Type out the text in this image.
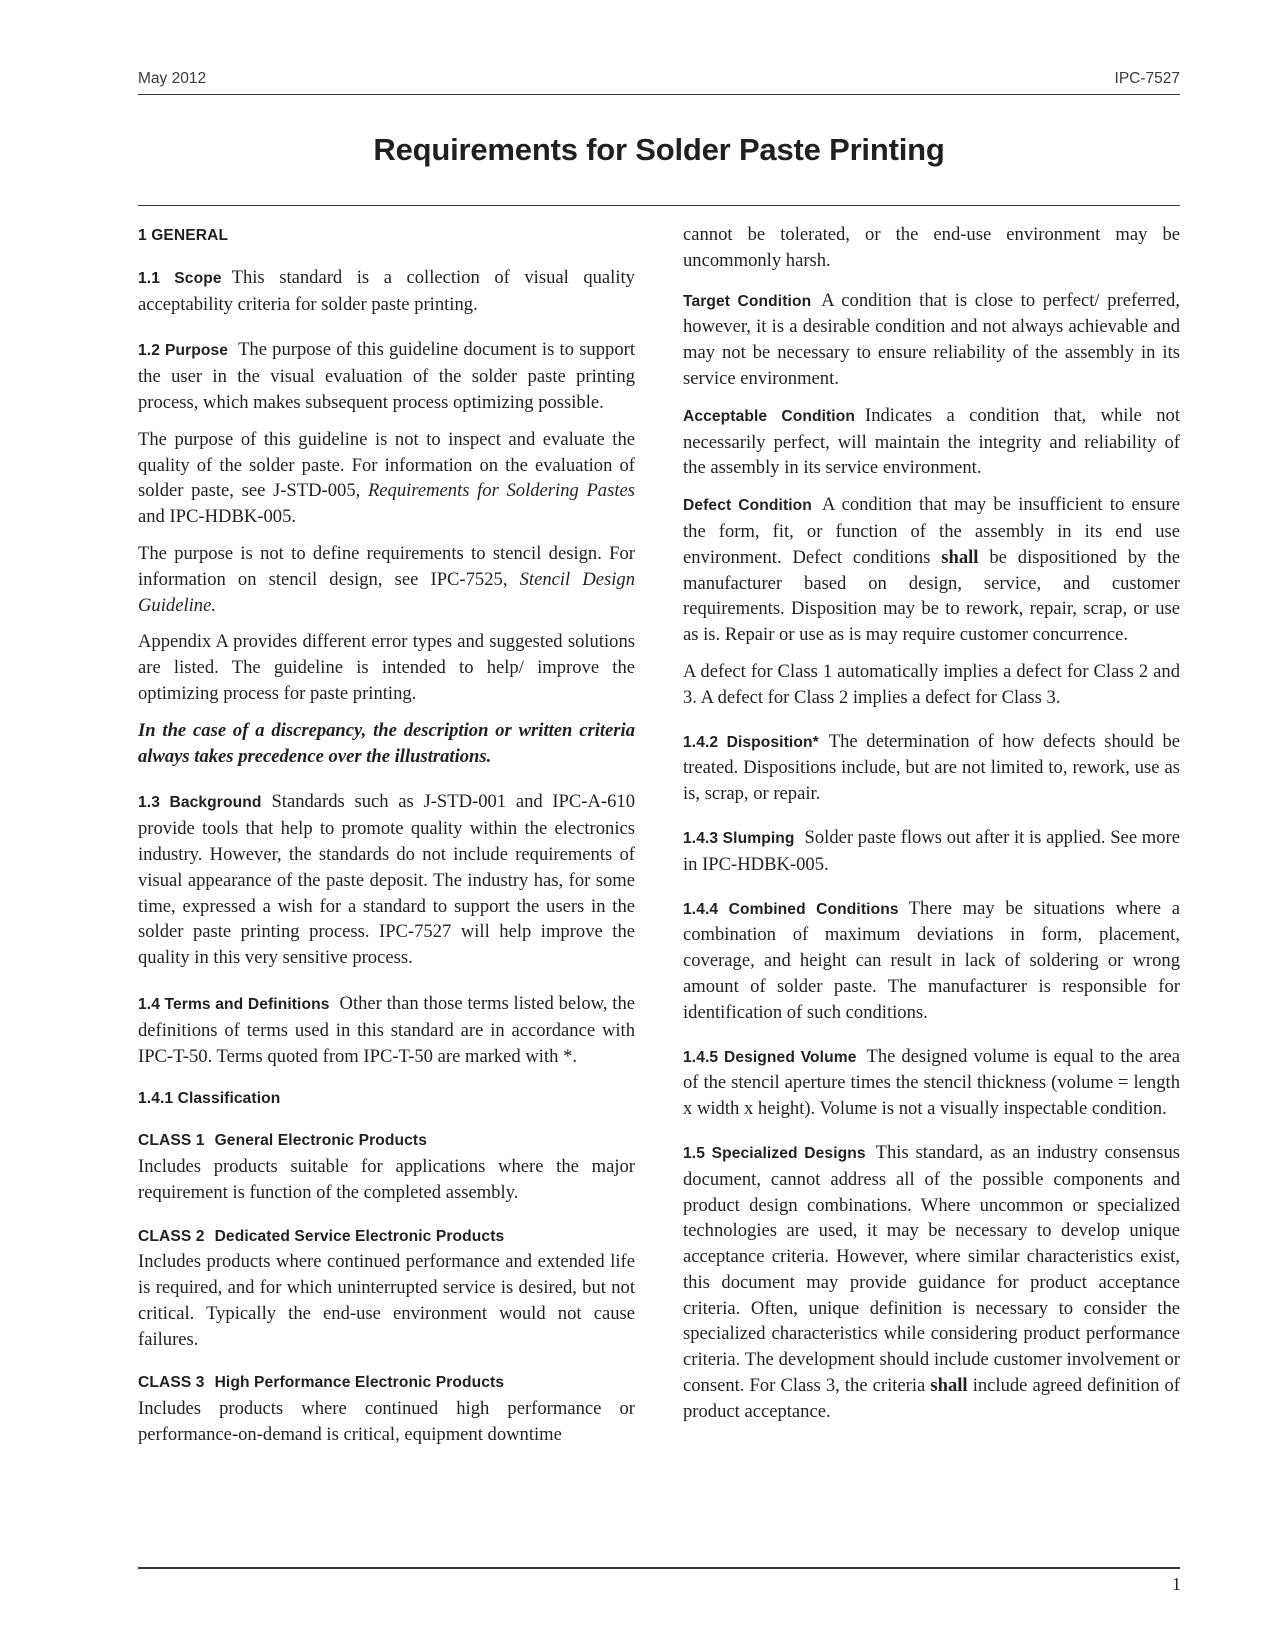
May 2012	IPC-7527
Requirements for Solder Paste Printing

1 GENERAL

1.1 Scope This standard is a collection of visual quality acceptability criteria for solder paste printing.

1.2 Purpose The purpose of this guideline document is to support the user in the visual evaluation of the solder paste printing process, which makes subsequent process optimizing possible.

The purpose of this guideline is not to inspect and evaluate the quality of the solder paste. For information on the evaluation of solder paste, see J-STD-005, Requirements for Soldering Pastes and IPC-HDBK-005.

The purpose is not to define requirements to stencil design. For information on stencil design, see IPC-7525, Stencil Design Guideline.

Appendix A provides different error types and suggested solutions are listed. The guideline is intended to help/ improve the optimizing process for paste printing.

In the case of a discrepancy, the description or written criteria always takes precedence over the illustrations.

1.3 Background Standards such as J-STD-001 and IPC-A-610 provide tools that help to promote quality within the electronics industry. However, the standards do not include requirements of visual appearance of the paste deposit. The industry has, for some time, expressed a wish for a standard to support the users in the solder paste printing process. IPC-7527 will help improve the quality in this very sensitive process.

1.4 Terms and Definitions Other than those terms listed below, the definitions of terms used in this standard are in accordance with IPC-T-50. Terms quoted from IPC-T-50 are marked with *.

1.4.1 Classification

CLASS 1 General Electronic Products
Includes products suitable for applications where the major requirement is function of the completed assembly.

CLASS 2 Dedicated Service Electronic Products
Includes products where continued performance and extended life is required, and for which uninterrupted service is desired, but not critical. Typically the end-use environment would not cause failures.

CLASS 3 High Performance Electronic Products
Includes products where continued high performance or performance-on-demand is critical, equipment downtime

cannot be tolerated, or the end-use environment may be uncommonly harsh.

Target Condition A condition that is close to perfect/ preferred, however, it is a desirable condition and not always achievable and may not be necessary to ensure reliability of the assembly in its service environment.

Acceptable Condition Indicates a condition that, while not necessarily perfect, will maintain the integrity and reliability of the assembly in its service environment.

Defect Condition A condition that may be insufficient to ensure the form, fit, or function of the assembly in its end use environment. Defect conditions shall be dispositioned by the manufacturer based on design, service, and customer requirements. Disposition may be to rework, repair, scrap, or use as is. Repair or use as is may require customer concurrence.

A defect for Class 1 automatically implies a defect for Class 2 and 3. A defect for Class 2 implies a defect for Class 3.

1.4.2 Disposition* The determination of how defects should be treated. Dispositions include, but are not limited to, rework, use as is, scrap, or repair.

1.4.3 Slumping Solder paste flows out after it is applied. See more in IPC-HDBK-005.

1.4.4 Combined Conditions There may be situations where a combination of maximum deviations in form, placement, coverage, and height can result in lack of soldering or wrong amount of solder paste. The manufacturer is responsible for identification of such conditions.

1.4.5 Designed Volume The designed volume is equal to the area of the stencil aperture times the stencil thickness (volume = length x width x height). Volume is not a visually inspectable condition.

1.5 Specialized Designs This standard, as an industry consensus document, cannot address all of the possible components and product design combinations. Where uncommon or specialized technologies are used, it may be necessary to develop unique acceptance criteria. However, where similar characteristics exist, this document may provide guidance for product acceptance criteria. Often, unique definition is necessary to consider the specialized characteristics while considering product performance criteria. The development should include customer involvement or consent. For Class 3, the criteria shall include agreed definition of product acceptance.

1
